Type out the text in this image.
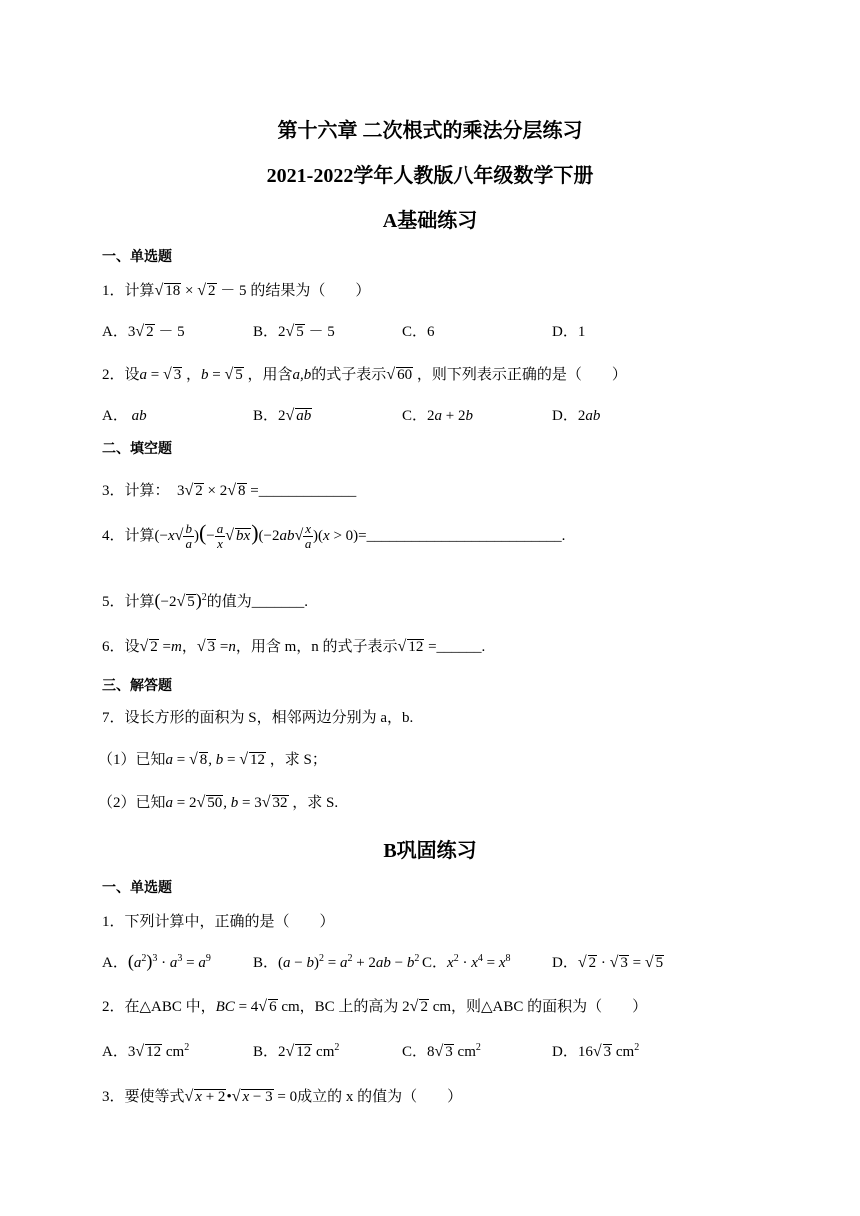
第十六章 二次根式的乘法分层练习
2021-2022学年人教版八年级数学下册
A基础练习
一、单选题
1．计算√ 18 × √ 2 － 5 的结果为（　　）
A．3√ 2 － 5	B．2√ 5 － 5	C．6	D．1
2．设a = √ 3 ，b = √ 5 ，用含a,b的式子表示√ 60 ，则下列表示正确的是（　　）
A． ab	B．2√ ab	C．2a + 2b	D．2ab
二、填空题
3．计算：  3√ 2 × 2√ 8 =_____________
4．计算($-x√ \frac{b}{a}$ )(− $\frac{a}{x}$ √ $bx)(-2ab√ \frac{x}{a} )(x$ > 0)=__________________________.
5．计算(−2√ 5)$^2$的值为_______.
6．设√ 2 =m，√ 3 =n，用含 m，n 的式子表示√ 12 =______.
三、解答题
7．设长方形的面积为 S，相邻两边分别为 a，b.
（1）已知a = √ 8, b = √ 12 ，求 S；
（2）已知a = 2√ 50, b = 3√ 32 ，求 S.
B巩固练习
一、单选题
1．下列计算中，正确的是（　　）
A．$(a^2)^3 \cdot a^3 = a^9$	B．$(a - b)^2 = a^2 + 2ab - b^2$ C．$x^2 \cdot x^4 = x^8$	D．√ 2 · √ 3 = √ 5
2．在△ABC 中，BC = 4√ 6 cm，BC 上的高为 2√ 2 cm，则△ABC 的面积为（　　）
A．3√ 12 $cm^2$	B．2√ 12 $cm^2$	C．8√ 3 $cm^2$	D．16√ 3 $cm^2$
3．要使等式√ x + 2•√ x − 3 = 0成立的 x 的值为（　　）
